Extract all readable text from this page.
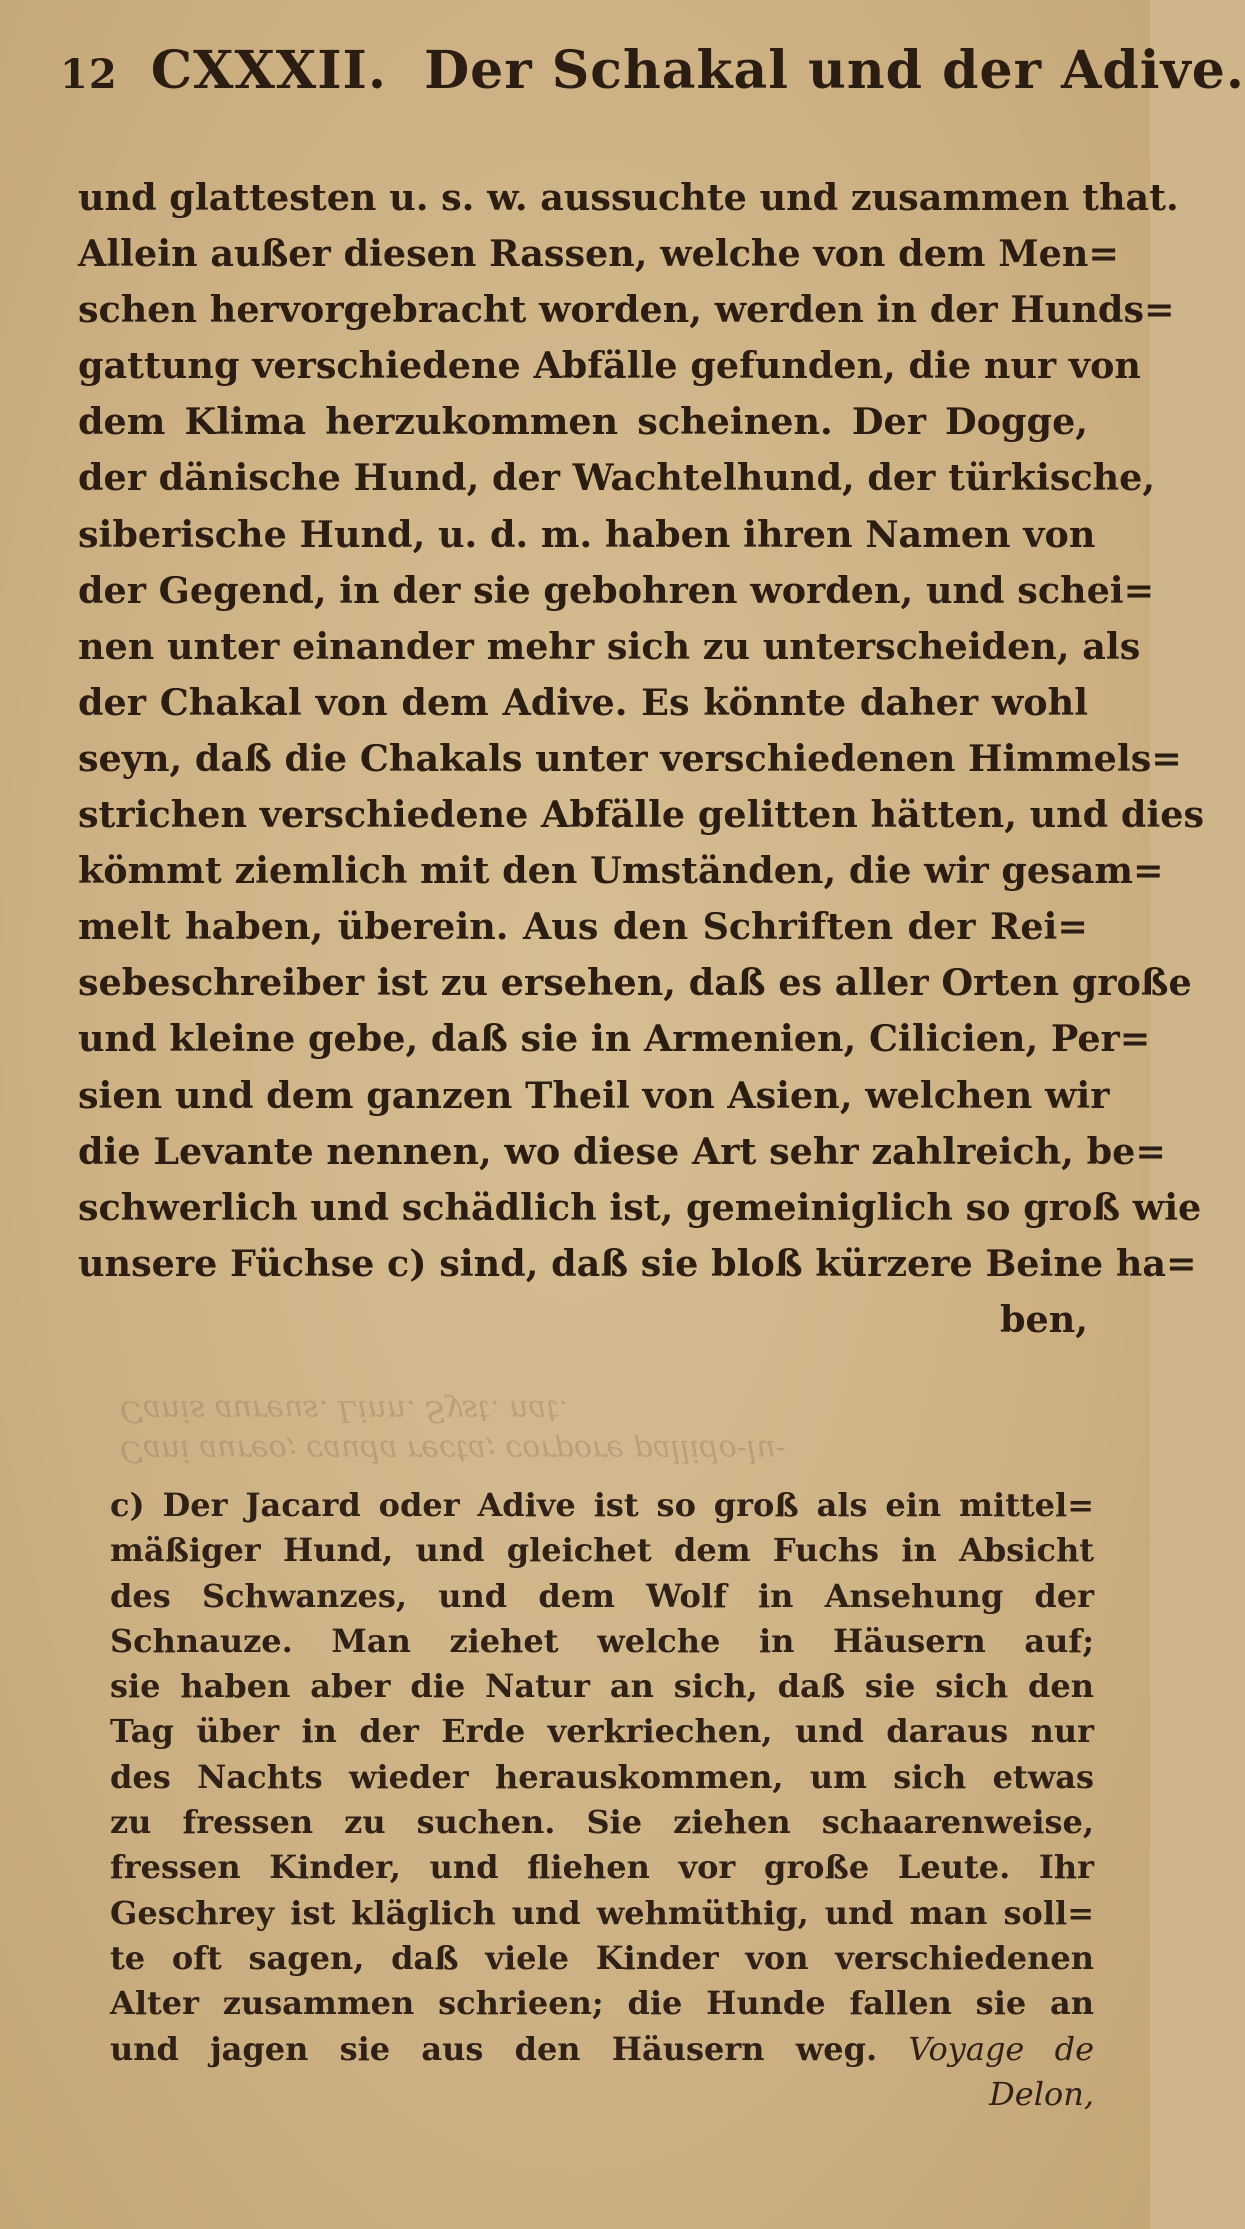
12 CXXXII. Der Schakal und der Adive.
und glattesten u. s. w. aussuchte und zusammen that.
Allein außer diesen Rassen, welche von dem Men=
schen hervorgebracht worden, werden in der Hunds=
gattung verschiedene Abfälle gefunden, die nur von
dem Klima herzukommen scheinen. Der Dogge,
der dänische Hund, der Wachtelhund, der türkische,
siberische Hund, u. d. m. haben ihren Namen von
der Gegend, in der sie gebohren worden, und schei=
nen unter einander mehr sich zu unterscheiden, als
der Chakal von dem Adive. Es könnte daher wohl
seyn, daß die Chakals unter verschiedenen Himmels=
strichen verschiedene Abfälle gelitten hätten, und dies
kömmt ziemlich mit den Umständen, die wir gesam=
melt haben, überein. Aus den Schriften der Rei=
sebeschreiber ist zu ersehen, daß es aller Orten große
und kleine gebe, daß sie in Armenien, Cilicien, Per=
sien und dem ganzen Theil von Asien, welchen wir
die Levante nennen, wo diese Art sehr zahlreich, be=
schwerlich und schädlich ist, gemeiniglich so groß wie
unsere Füchse c) sind, daß sie bloß kürzere Beine ha=
ben,
Cani aureo; cauda recta; corpore pallido-lu-
Canis aureus. Linn. Syst. nat.
c) Der Jacard oder Adive ist so groß als ein mittel=
mäßiger Hund, und gleichet dem Fuchs in Absicht
des Schwanzes, und dem Wolf in Ansehung der
Schnauze. Man ziehet welche in Häusern auf;
sie haben aber die Natur an sich, daß sie sich den
Tag über in der Erde verkriechen, und daraus nur
des Nachts wieder herauskommen, um sich etwas
zu fressen zu suchen. Sie ziehen schaarenweise,
fressen Kinder, und fliehen vor große Leute. Ihr
Geschrey ist kläglich und wehmüthig, und man soll=
te oft sagen, daß viele Kinder von verschiedenen
Alter zusammen schrieen; die Hunde fallen sie an
und jagen sie aus den Häusern weg. Voyage de
Delon,
